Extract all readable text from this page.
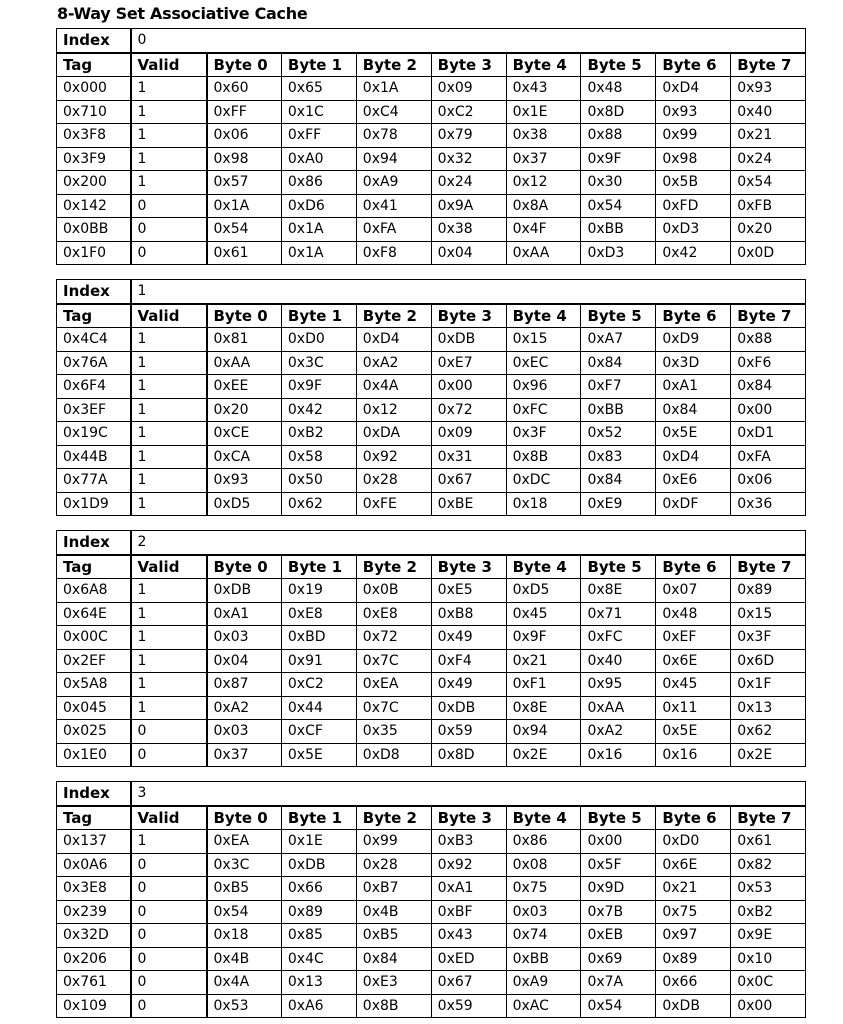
8-Way Set Associative Cache
Index	0								
Tag	Valid	Byte 0	Byte 1	Byte 2	Byte 3	Byte 4	Byte 5	Byte 6	Byte 7
0x000	1	0x60	0x65	0x1A	0x09	0x43	0x48	0xD4	0x93
0x710	1	0xFF	0x1C	0xC4	0xC2	0x1E	0x8D	0x93	0x40
0x3F8	1	0x06	0xFF	0x78	0x79	0x38	0x88	0x99	0x21
0x3F9	1	0x98	0xA0	0x94	0x32	0x37	0x9F	0x98	0x24
0x200	1	0x57	0x86	0xA9	0x24	0x12	0x30	0x5B	0x54
0x142	0	0x1A	0xD6	0x41	0x9A	0x8A	0x54	0xFD	0xFB
0x0BB	0	0x54	0x1A	0xFA	0x38	0x4F	0xBB	0xD3	0x20
0x1F0	0	0x61	0x1A	0xF8	0x04	0xAA	0xD3	0x42	0x0D
Index	1								
Tag	Valid	Byte 0	Byte 1	Byte 2	Byte 3	Byte 4	Byte 5	Byte 6	Byte 7
0x4C4	1	0x81	0xD0	0xD4	0xDB	0x15	0xA7	0xD9	0x88
0x76A	1	0xAA	0x3C	0xA2	0xE7	0xEC	0x84	0x3D	0xF6
0x6F4	1	0xEE	0x9F	0x4A	0x00	0x96	0xF7	0xA1	0x84
0x3EF	1	0x20	0x42	0x12	0x72	0xFC	0xBB	0x84	0x00
0x19C	1	0xCE	0xB2	0xDA	0x09	0x3F	0x52	0x5E	0xD1
0x44B	1	0xCA	0x58	0x92	0x31	0x8B	0x83	0xD4	0xFA
0x77A	1	0x93	0x50	0x28	0x67	0xDC	0x84	0xE6	0x06
0x1D9	1	0xD5	0x62	0xFE	0xBE	0x18	0xE9	0xDF	0x36
Index	2								
Tag	Valid	Byte 0	Byte 1	Byte 2	Byte 3	Byte 4	Byte 5	Byte 6	Byte 7
0x6A8	1	0xDB	0x19	0x0B	0xE5	0xD5	0x8E	0x07	0x89
0x64E	1	0xA1	0xE8	0xE8	0xB8	0x45	0x71	0x48	0x15
0x00C	1	0x03	0xBD	0x72	0x49	0x9F	0xFC	0xEF	0x3F
0x2EF	1	0x04	0x91	0x7C	0xF4	0x21	0x40	0x6E	0x6D
0x5A8	1	0x87	0xC2	0xEA	0x49	0xF1	0x95	0x45	0x1F
0x045	1	0xA2	0x44	0x7C	0xDB	0x8E	0xAA	0x11	0x13
0x025	0	0x03	0xCF	0x35	0x59	0x94	0xA2	0x5E	0x62
0x1E0	0	0x37	0x5E	0xD8	0x8D	0x2E	0x16	0x16	0x2E
Index	3								
Tag	Valid	Byte 0	Byte 1	Byte 2	Byte 3	Byte 4	Byte 5	Byte 6	Byte 7
0x137	1	0xEA	0x1E	0x99	0xB3	0x86	0x00	0xD0	0x61
0x0A6	0	0x3C	0xDB	0x28	0x92	0x08	0x5F	0x6E	0x82
0x3E8	0	0xB5	0x66	0xB7	0xA1	0x75	0x9D	0x21	0x53
0x239	0	0x54	0x89	0x4B	0xBF	0x03	0x7B	0x75	0xB2
0x32D	0	0x18	0x85	0xB5	0x43	0x74	0xEB	0x97	0x9E
0x206	0	0x4B	0x4C	0x84	0xED	0xBB	0x69	0x89	0x10
0x761	0	0x4A	0x13	0xE3	0x67	0xA9	0x7A	0x66	0x0C
0x109	0	0x53	0xA6	0x8B	0x59	0xAC	0x54	0xDB	0x00
